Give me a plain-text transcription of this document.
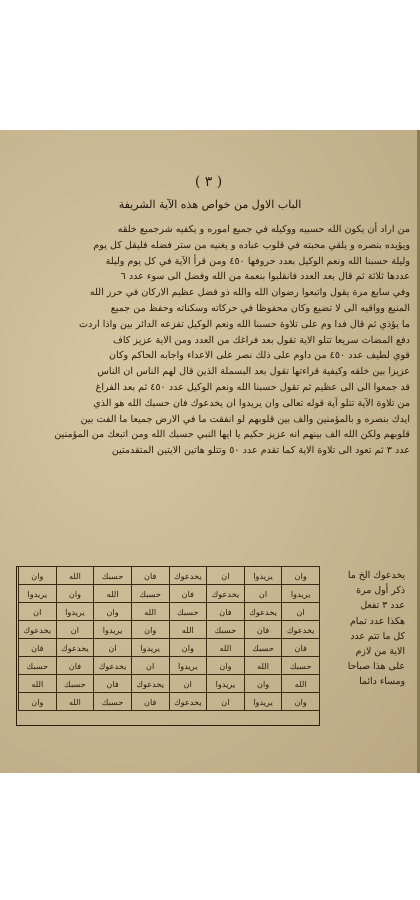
( ٣ )
الباب الاول من خواص هذه الآية الشريفة
من اراد أن يكون الله حسبيه ووكيله في جميع اموره و يكفيه شرجميع خلقه
ويؤيده بنصره و يلقي محبته في قلوب عباده و يغنيه من ستر فضله فليقل كل يوم
وليلة حسبنا الله ونعم الوكيل بعدد حروفها ٤٥٠ ومن قرأ الآية في كل يوم وليلة
عددها ثلاثة ثم قال بعد العدد فانقلبوا بنعمة من الله وفضل الى سوء عدد ٦
وفي سابع مرة يقول واتبعوا رضوان الله والله ذو فضل عظيم الاركان في حرز الله
المنيع وواقيه الى لا تضيع وكان محفوظا في حركاته وسكناته وحفظ من جميع
ما يؤذي ثم قال فدا وم على تلاوة حسبنا الله ونعم الوكيل تفزعه الدائر بين واذا اردت
دفع المضات سريعا تتلو الاية تقول بعد فراغك من العدد ومن الاية عزيز كاف
قوي لطيف عدد ٤٥٠ من داوم على ذلك نصر على الاعداء واجابه الحاكم وكان
عزيزا بين خلقه وكيفية قراءتها تقول بعد البسملة الذين قال لهم الناس ان الناس
قد جمعوا الى الى عظيم ثم تقول حسبنا الله ونعم الوكيل عدد ٤٥٠ ثم بعد الفراغ
من تلاوة الآية تتلو آية قوله تعالى وان يريدوا ان يخدعوك فان حسبك الله هو الذي
ايدك بنصره و بالمؤمنين والف بين قلوبهم لو انفقت ما في الارض جميعا ما الفت بين
قلوبهم ولكن الله الف بينهم انه عزيز حكيم يا ايها النبي حسبك الله ومن اتبعك من المؤمنين
عدد ٣ ثم تعود الى تلاوة الاية كما تقدم عدد ٥٠ وتتلو هاتين الايتين المتقدمتين
وان	يريدوا	ان	يخدعوك	فان	حسبك	الله	وان
يريدوا	ان	يخدعوك	فان	حسبك	الله	وان	يريدوا
ان	يخدعوك	فان	حسبك	الله	وان	يريدوا	ان
يخدعوك	فان	حسبك	الله	وان	يريدوا	ان	يخدعوك
فان	حسبك	الله	وان	يريدوا	ان	يخدعوك	فان
حسبك	الله	وان	يريدوا	ان	يخدعوك	فان	حسبك
الله	وان	يريدوا	ان	يخدعوك	فان	حسبك	الله
وان	يريدوا	ان	يخدعوك	فان	حسبك	الله	وان
يخدعوك الخ ما
ذكر أول مرة
عدد ٣ تفعل
هكذا عدد تمام
كل ما تتم عدد
الاية من لازم
على هذا صباحا
ومساء دائما
